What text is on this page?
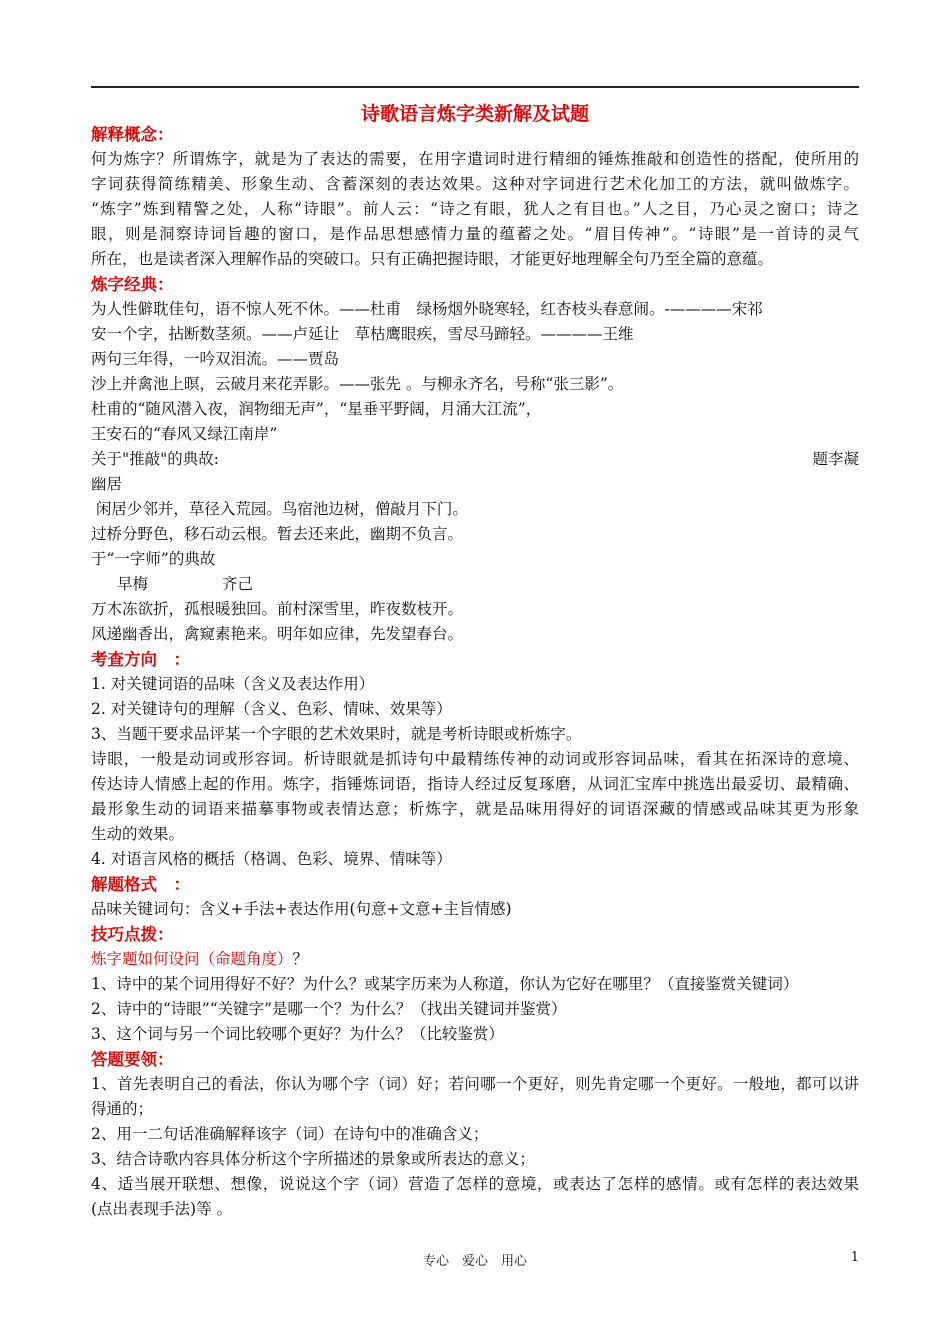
诗歌语言炼字类新解及试题
解释概念：
何为炼字？所谓炼字，就是为了表达的需要，在用字遣词时进行精细的锤炼推敲和创造性的搭配，使所用的
字词获得简练精美、形象生动、含蓄深刻的表达效果。这种对字词进行艺术化加工的方法，就叫做炼字。
“炼字”炼到精警之处，人称“诗眼”。前人云：“诗之有眼，犹人之有目也。”人之目，乃心灵之窗口；诗之
眼，则是洞察诗词旨趣的窗口，是作品思想感情力量的蕴蓄之处。“眉目传神”。“诗眼”是一首诗的灵气
所在，也是读者深入理解作品的突破口。只有正确把握诗眼，才能更好地理解全句乃至全篇的意蕴。
炼字经典：
为人性僻耽佳句，语不惊人死不休。——杜甫　绿杨烟外晓寒轻，红杏枝头春意闹。-————宋祁
安一个字，拈断数茎须。——卢延让　草枯鹰眼疾，雪尽马蹄轻。————王维
两句三年得，一吟双泪流。——贾岛
沙上并禽池上暝，云破月来花弄影。——张先 。与柳永齐名，号称“张三影”。
杜甫的“随风潜入夜，润物细无声”，“星垂平野阔，月涌大江流”，
王安石的“春风又绿江南岸”
关于"推敲"的典故:	题李凝
幽居
闲居少邻并，草径入荒园。鸟宿池边树，僧敲月下门。
过桥分野色，移石动云根。暂去还来此，幽期不负言。
于“一字师”的典故
早梅	齐己
万木冻欲折，孤根暖独回。前村深雪里，昨夜数枝开。
风递幽香出，禽窥素艳来。明年如应律，先发望春台。
考查方向　：
1. 对关键词语的品味（含义及表达作用）
2. 对关键诗句的理解（含义、色彩、情味、效果等）
3、当题干要求品评某一个字眼的艺术效果时，就是考析诗眼或析炼字。
诗眼，一般是动词或形容词。析诗眼就是抓诗句中最精练传神的动词或形容词品味，看其在拓深诗的意境、
传达诗人情感上起的作用。炼字，指锤炼词语，指诗人经过反复琢磨，从词汇宝库中挑选出最妥切、最精确、
最形象生动的词语来描摹事物或表情达意；析炼字，就是品味用得好的词语深藏的情感或品味其更为形象
生动的效果。
4. 对语言风格的概括（格调、色彩、境界、情味等）
解题格式　：
品味关键词句：含义+手法+表达作用(句意+文意+主旨情感)
技巧点拨：
炼字题如何设问（命题角度）？
1、诗中的某个词用得好不好？为什么？或某字历来为人称道，你认为它好在哪里？（直接鉴赏关键词）
2、诗中的“诗眼”“关键字”是哪一个？为什么？（找出关键词并鉴赏）
3、这个词与另一个词比较哪个更好？为什么？（比较鉴赏）
答题要领：
1、首先表明自己的看法，你认为哪个字（词）好；若问哪一个更好，则先肯定哪一个更好。一般地，都可以讲
得通的；
2、用一二句话准确解释该字（词）在诗句中的准确含义；
3、结合诗歌内容具体分析这个字所描述的景象或所表达的意义；
4、适当展开联想、想像，说说这个字（词）营造了怎样的意境，或表达了怎样的感情。或有怎样的表达效果
(点出表现手法)等 。
专心　爱心　用心	1
